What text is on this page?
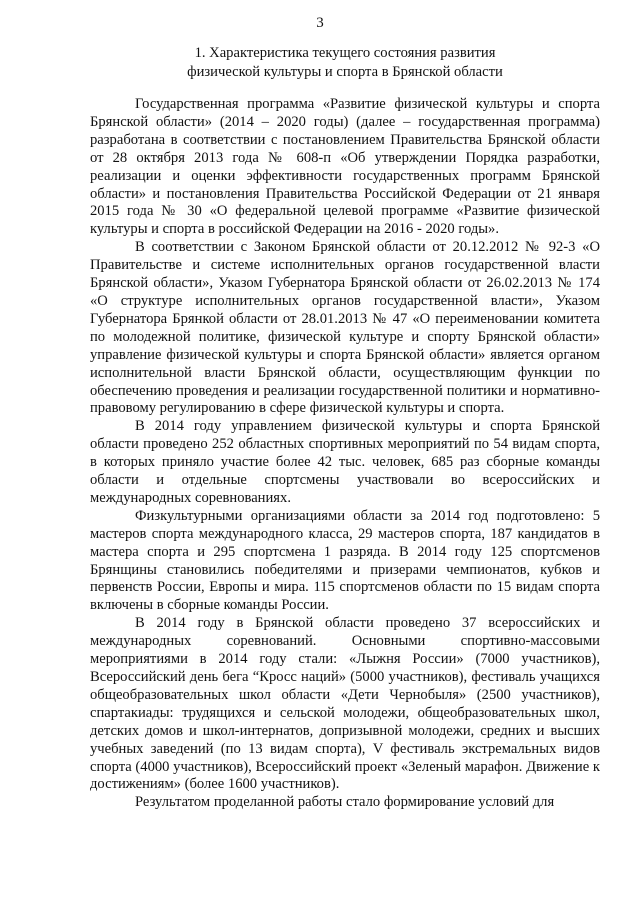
3
1. Характеристика текущего состояния развития
физической культуры и спорта в Брянской области

Государственная программа «Развитие физической культуры и спорта Брянской области» (2014 – 2020 годы) (далее – государственная программа) разработана в соответствии с постановлением Правительства Брянской области от 28 октября 2013 года № 608-п «Об утверждении Порядка разработки, реализации и оценки эффективности государственных программ Брянской области» и постановления Правительства Российской Федерации от 21 января 2015 года № 30 «О федеральной целевой программе «Развитие физической культуры и спорта в российской Федерации на 2016 - 2020 годы».

В соответствии с Законом Брянской области от 20.12.2012 № 92-3 «О Правительстве и системе исполнительных органов государственной власти Брянской области», Указом Губернатора Брянской области от 26.02.2013 № 174 «О структуре исполнительных органов государственной власти», Указом Губернатора Брянкой области от 28.01.2013 № 47 «О переименовании комитета по молодежной политике, физической культуре и спорту Брянской области» управление физической культуры и спорта Брянской области» является органом исполнительной власти Брянской области, осуществляющим функции по обеспечению проведения и реализации государственной политики и нормативно-правовому регулированию в сфере физической культуры и спорта.

В 2014 году управлением физической культуры и спорта Брянской области проведено 252 областных спортивных мероприятий по 54 видам спорта, в которых приняло участие более 42 тыс. человек, 685 раз сборные команды области и отдельные спортсмены участвовали во всероссийских и международных соревнованиях.

Физкультурными организациями области за 2014 год подготовлено: 5 мастеров спорта международного класса, 29 мастеров спорта, 187 кандидатов в мастера спорта и 295 спортсмена 1 разряда. В 2014 году 125 спортсменов Брянщины становились победителями и призерами чемпионатов, кубков и первенств России, Европы и мира. 115 спортсменов области по 15 видам спорта включены в сборные команды России.

В 2014 году в Брянской области проведено 37 всероссийских и международных соревнований. Основными спортивно-массовыми мероприятиями в 2014 году стали: «Лыжня России» (7000 участников), Всероссийский день бега “Кросс наций» (5000 участников), фестиваль учащихся общеобразовательных школ области «Дети Чернобыля» (2500 участников), спартакиады: трудящихся и сельской молодежи, общеобразовательных школ, детских домов и школ-интернатов, допризывной молодежи, средних и высших учебных заведений (по 13 видам спорта), V фестиваль экстремальных видов спорта (4000 участников), Всероссийский проект «Зеленый марафон. Движение к достижениям» (более 1600 участников).

Результатом проделанной работы стало формирование условий для
